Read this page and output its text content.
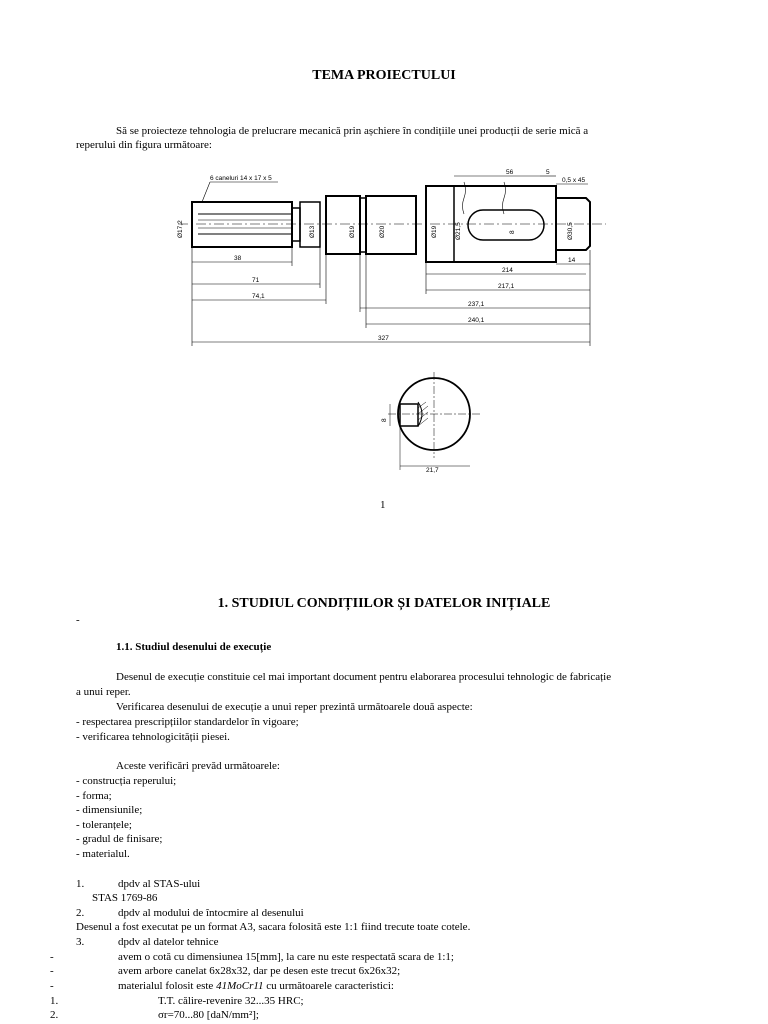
TEMA PROIECTULUI
Să se proiecteze tehnologia de prelucrare mecanică prin așchiere în condițiile unei producții de serie mică a
reperului din figura următoare:
6 caneluri 14 x 17 x 5	0,5 x 45
56	5
38
71
74,1
214
217,1
237,1
240,1
327
14
Ø17,2	Ø13	Ø19	Ø20	Ø19	Ø21,5	8	Ø30,5
8
21,7
1
1. STUDIUL CONDIȚIILOR ȘI DATELOR INIȚIALE
-
1.1. Studiul desenului de execuție
Desenul de execuție constituie cel mai important document pentru elaborarea procesului tehnologic de fabricație
a unui reper.
Verificarea desenului de execuție a unui reper prezintă următoarele două aspecte:
- respectarea prescripțiilor standardelor în vigoare;
- verificarea tehnologicității piesei.
Aceste verificări prevăd următoarele:
- construcția reperului;
- forma;
- dimensiunile;
- toleranțele;
- gradul de finisare;
- materialul.
1.	dpdv al STAS-ului
STAS 1769-86
2.	dpdv al modului de întocmire al desenului
Desenul a fost executat pe un format A3, sacara folosită este 1:1 fiind trecute toate cotele.
3.	dpdv al datelor tehnice
-	avem o cotă cu dimensiunea 15[mm], la care nu este respectată scara de 1:1;
-	avem arbore canelat 6x28x32, dar pe desen este trecut 6x26x32;
-	materialul folosit este 41MoCr11 cu următoarele caracteristici:
1.	T.T. călire-revenire 32...35 HRC;
2.	σr=70...80 [daN/mm²];
